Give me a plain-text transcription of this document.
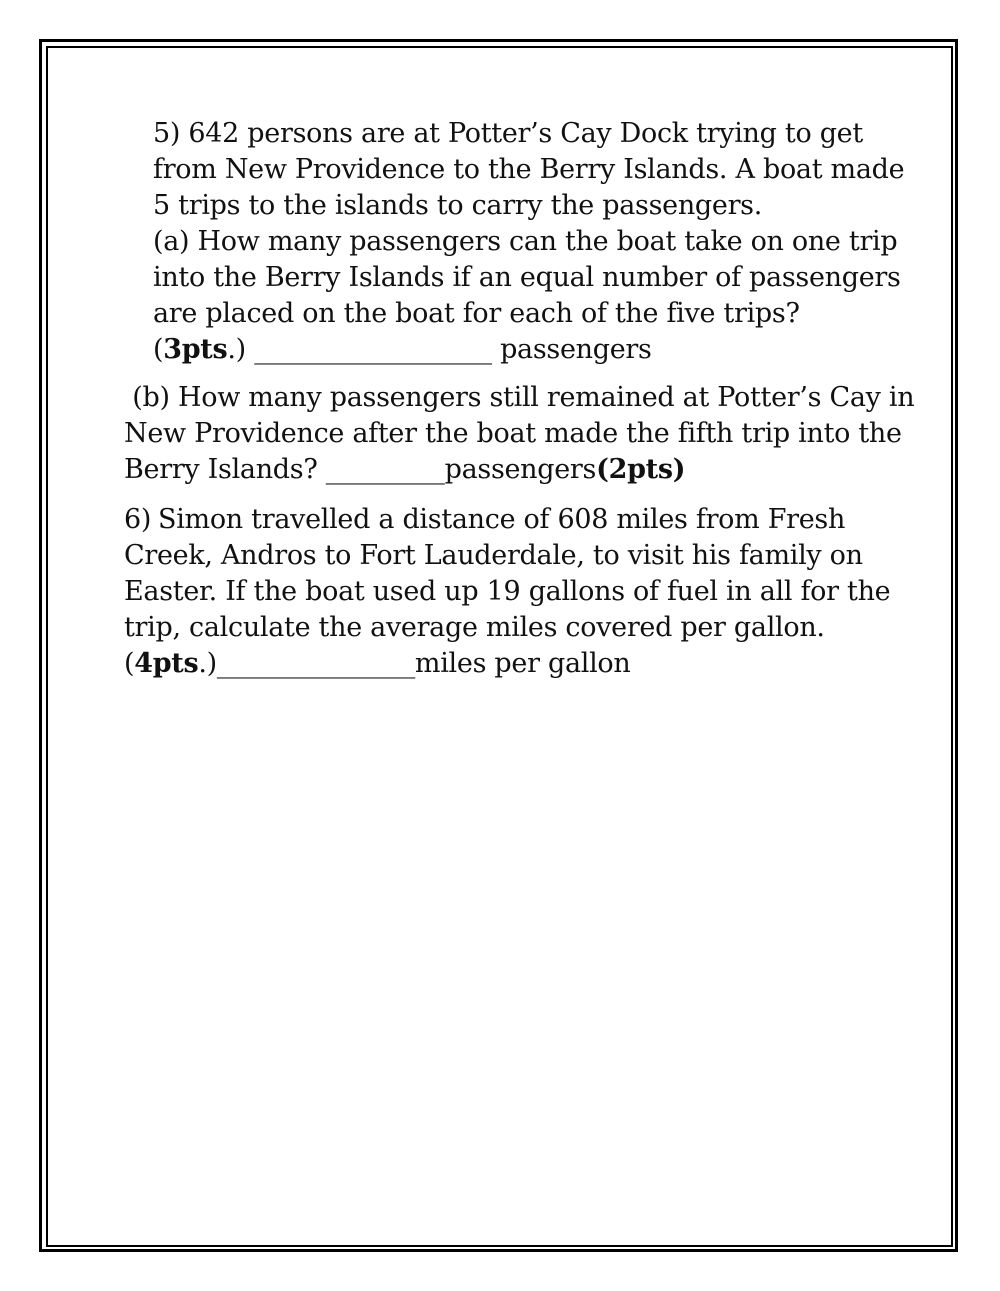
5) 642 persons are at Potter’s Cay Dock trying to get
from New Providence to the Berry Islands. A boat made
5 trips to the islands to carry the passengers.
(a) How many passengers can the boat take on one trip
into the Berry Islands if an equal number of passengers
are placed on the boat for each of the five trips?
(3pts.) __________________ passengers
(b) How many passengers still remained at Potter’s Cay in
New Providence after the boat made the fifth trip into the
Berry Islands? _________passengers(2pts)
6) Simon travelled a distance of 608 miles from Fresh
Creek, Andros to Fort Lauderdale, to visit his family on
Easter. If the boat used up 19 gallons of fuel in all for the
trip, calculate the average miles covered per gallon.
(4pts.)_______________miles per gallon
